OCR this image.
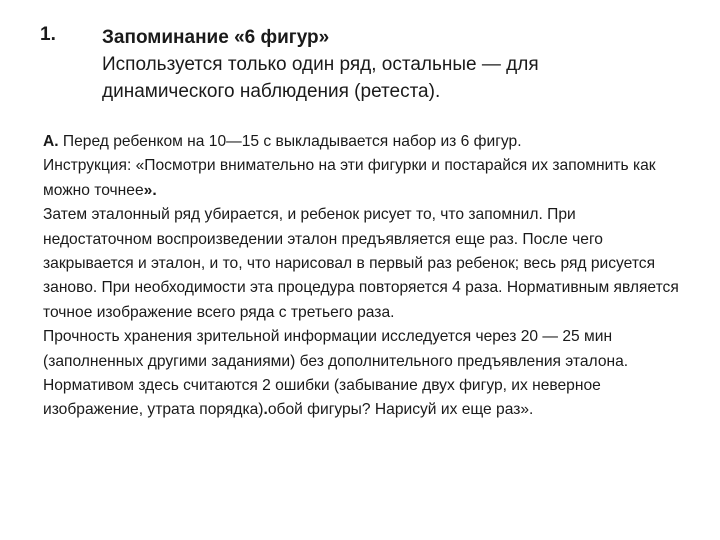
1. Запоминание «6 фигур»
Используется только один ряд, остальные — для
динамического наблюдения (ретеста).

А. Перед ребенком на 10—15 с выкладывается набор из 6 фигур.

Инструкция: «Посмотри внимательно на эти фигурки и постарайся их запомнить как можно точнее».

Затем эталонный ряд убирается, и ребенок рисует то, что запомнил. При недостаточном воспроизведении эталон предъявляется еще раз. После чего закрывается и эталон, и то, что нарисовал в первый раз ребенок; весь ряд рисуется заново. При необходимости эта процедура повторяется 4 раза. Нормативным является точное изображение всего ряда с третьего раза.

Прочность хранения зрительной информации исследуется через 20 — 25 мин (заполненных другими заданиями) без дополнительного предъявления эталона. Нормативом здесь считаются 2 ошибки (забывание двух фигур, их неверное изображение, утрата порядка).обой фигуры? Нарисуй их еще раз».
